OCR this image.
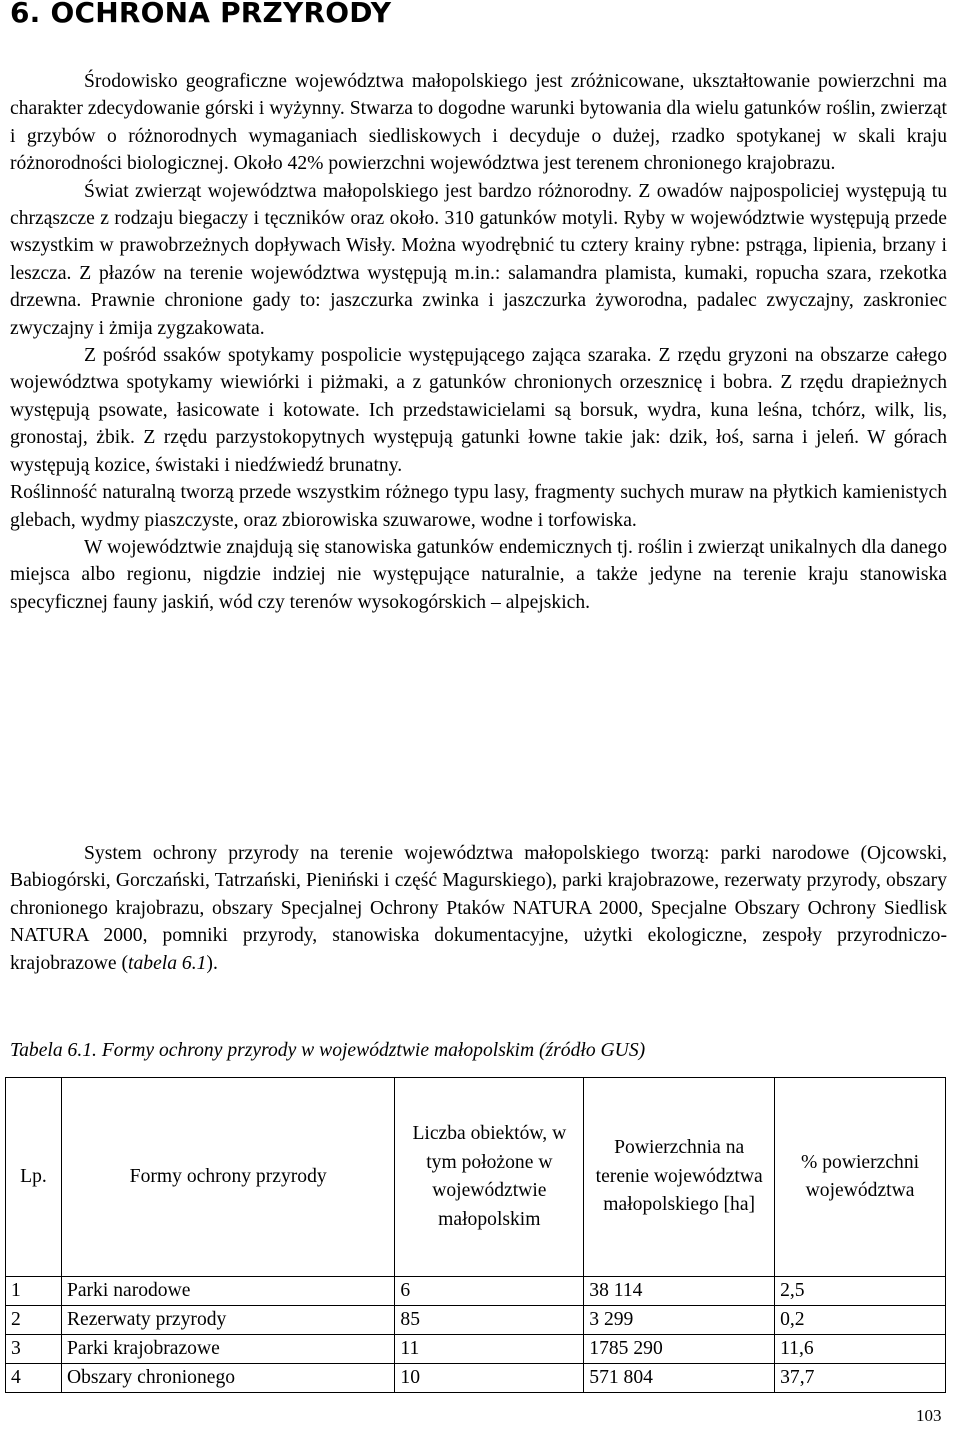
6. OCHRONA PRZYRODY

Środowisko geograficzne województwa małopolskiego jest zróżnicowane, ukształtowanie powierzchni ma charakter zdecydowanie górski i wyżynny. Stwarza to dogodne warunki bytowania dla wielu gatunków roślin, zwierząt i grzybów o różnorodnych wymaganiach siedliskowych i decyduje o dużej, rzadko spotykanej w skali kraju różnorodności biologicznej. Około 42% powierzchni województwa jest terenem chronionego krajobrazu.

Świat zwierząt województwa małopolskiego jest bardzo różnorodny. Z owadów najpospoliciej występują tu chrząszcze z rodzaju biegaczy i tęczników oraz około. 310 gatunków motyli. Ryby w województwie występują przede wszystkim w prawobrzeżnych dopływach Wisły. Można wyodrębnić tu cztery krainy rybne: pstrąga, lipienia, brzany i leszcza. Z płazów na terenie województwa występują m.in.: salamandra plamista, kumaki, ropucha szara, rzekotka drzewna. Prawnie chronione gady to: jaszczurka zwinka i jaszczurka żyworodna, padalec zwyczajny, zaskroniec zwyczajny i żmija zygzakowata.

Z pośród ssaków spotykamy pospolicie występującego zająca szaraka. Z rzędu gryzoni na obszarze całego województwa spotykamy wiewiórki i piżmaki, a z gatunków chronionych orzesznicę i bobra. Z rzędu drapieżnych występują psowate, łasicowate i kotowate. Ich przedstawicielami są borsuk, wydra, kuna leśna, tchórz, wilk, lis, gronostaj, żbik. Z rzędu parzystokopytnych występują gatunki łowne takie jak: dzik, łoś, sarna i jeleń. W górach występują kozice, świstaki i niedźwiedź brunatny.

Roślinność naturalną tworzą przede wszystkim różnego typu lasy, fragmenty suchych muraw na płytkich kamienistych glebach, wydmy piaszczyste, oraz zbiorowiska szuwarowe, wodne i torfowiska.

W województwie znajdują się stanowiska gatunków endemicznych tj. roślin i zwierząt unikalnych dla danego miejsca albo regionu, nigdzie indziej nie występujące naturalnie, a także jedyne na terenie kraju stanowiska specyficznej fauny jaskiń, wód czy terenów wysokogórskich – alpejskich.

System ochrony przyrody na terenie województwa małopolskiego tworzą: parki narodowe (Ojcowski, Babiogórski, Gorczański, Tatrzański, Pieniński i część Magurskiego), parki krajobrazowe, rezerwaty przyrody, obszary chronionego krajobrazu, obszary Specjalnej Ochrony Ptaków NATURA 2000, Specjalne Obszary Ochrony Siedlisk NATURA 2000, pomniki przyrody, stanowiska dokumentacyjne, użytki ekologiczne, zespoły przyrodniczo-krajobrazowe (tabela 6.1).

Tabela 6.1. Formy ochrony przyrody w województwie małopolskim (źródło GUS)
Lp.	Formy ochrony przyrody	Liczba obiektów, w tym położone w województwie małopolskim	Powierzchnia na terenie województwa małopolskiego [ha]	% powierzchni województwa
1	Parki narodowe	6	38 114	2,5
2	Rezerwaty przyrody	85	3 299	0,2
3	Parki krajobrazowe	11	1785 290	11,6
4	Obszary chronionego	10	571 804	37,7
103
